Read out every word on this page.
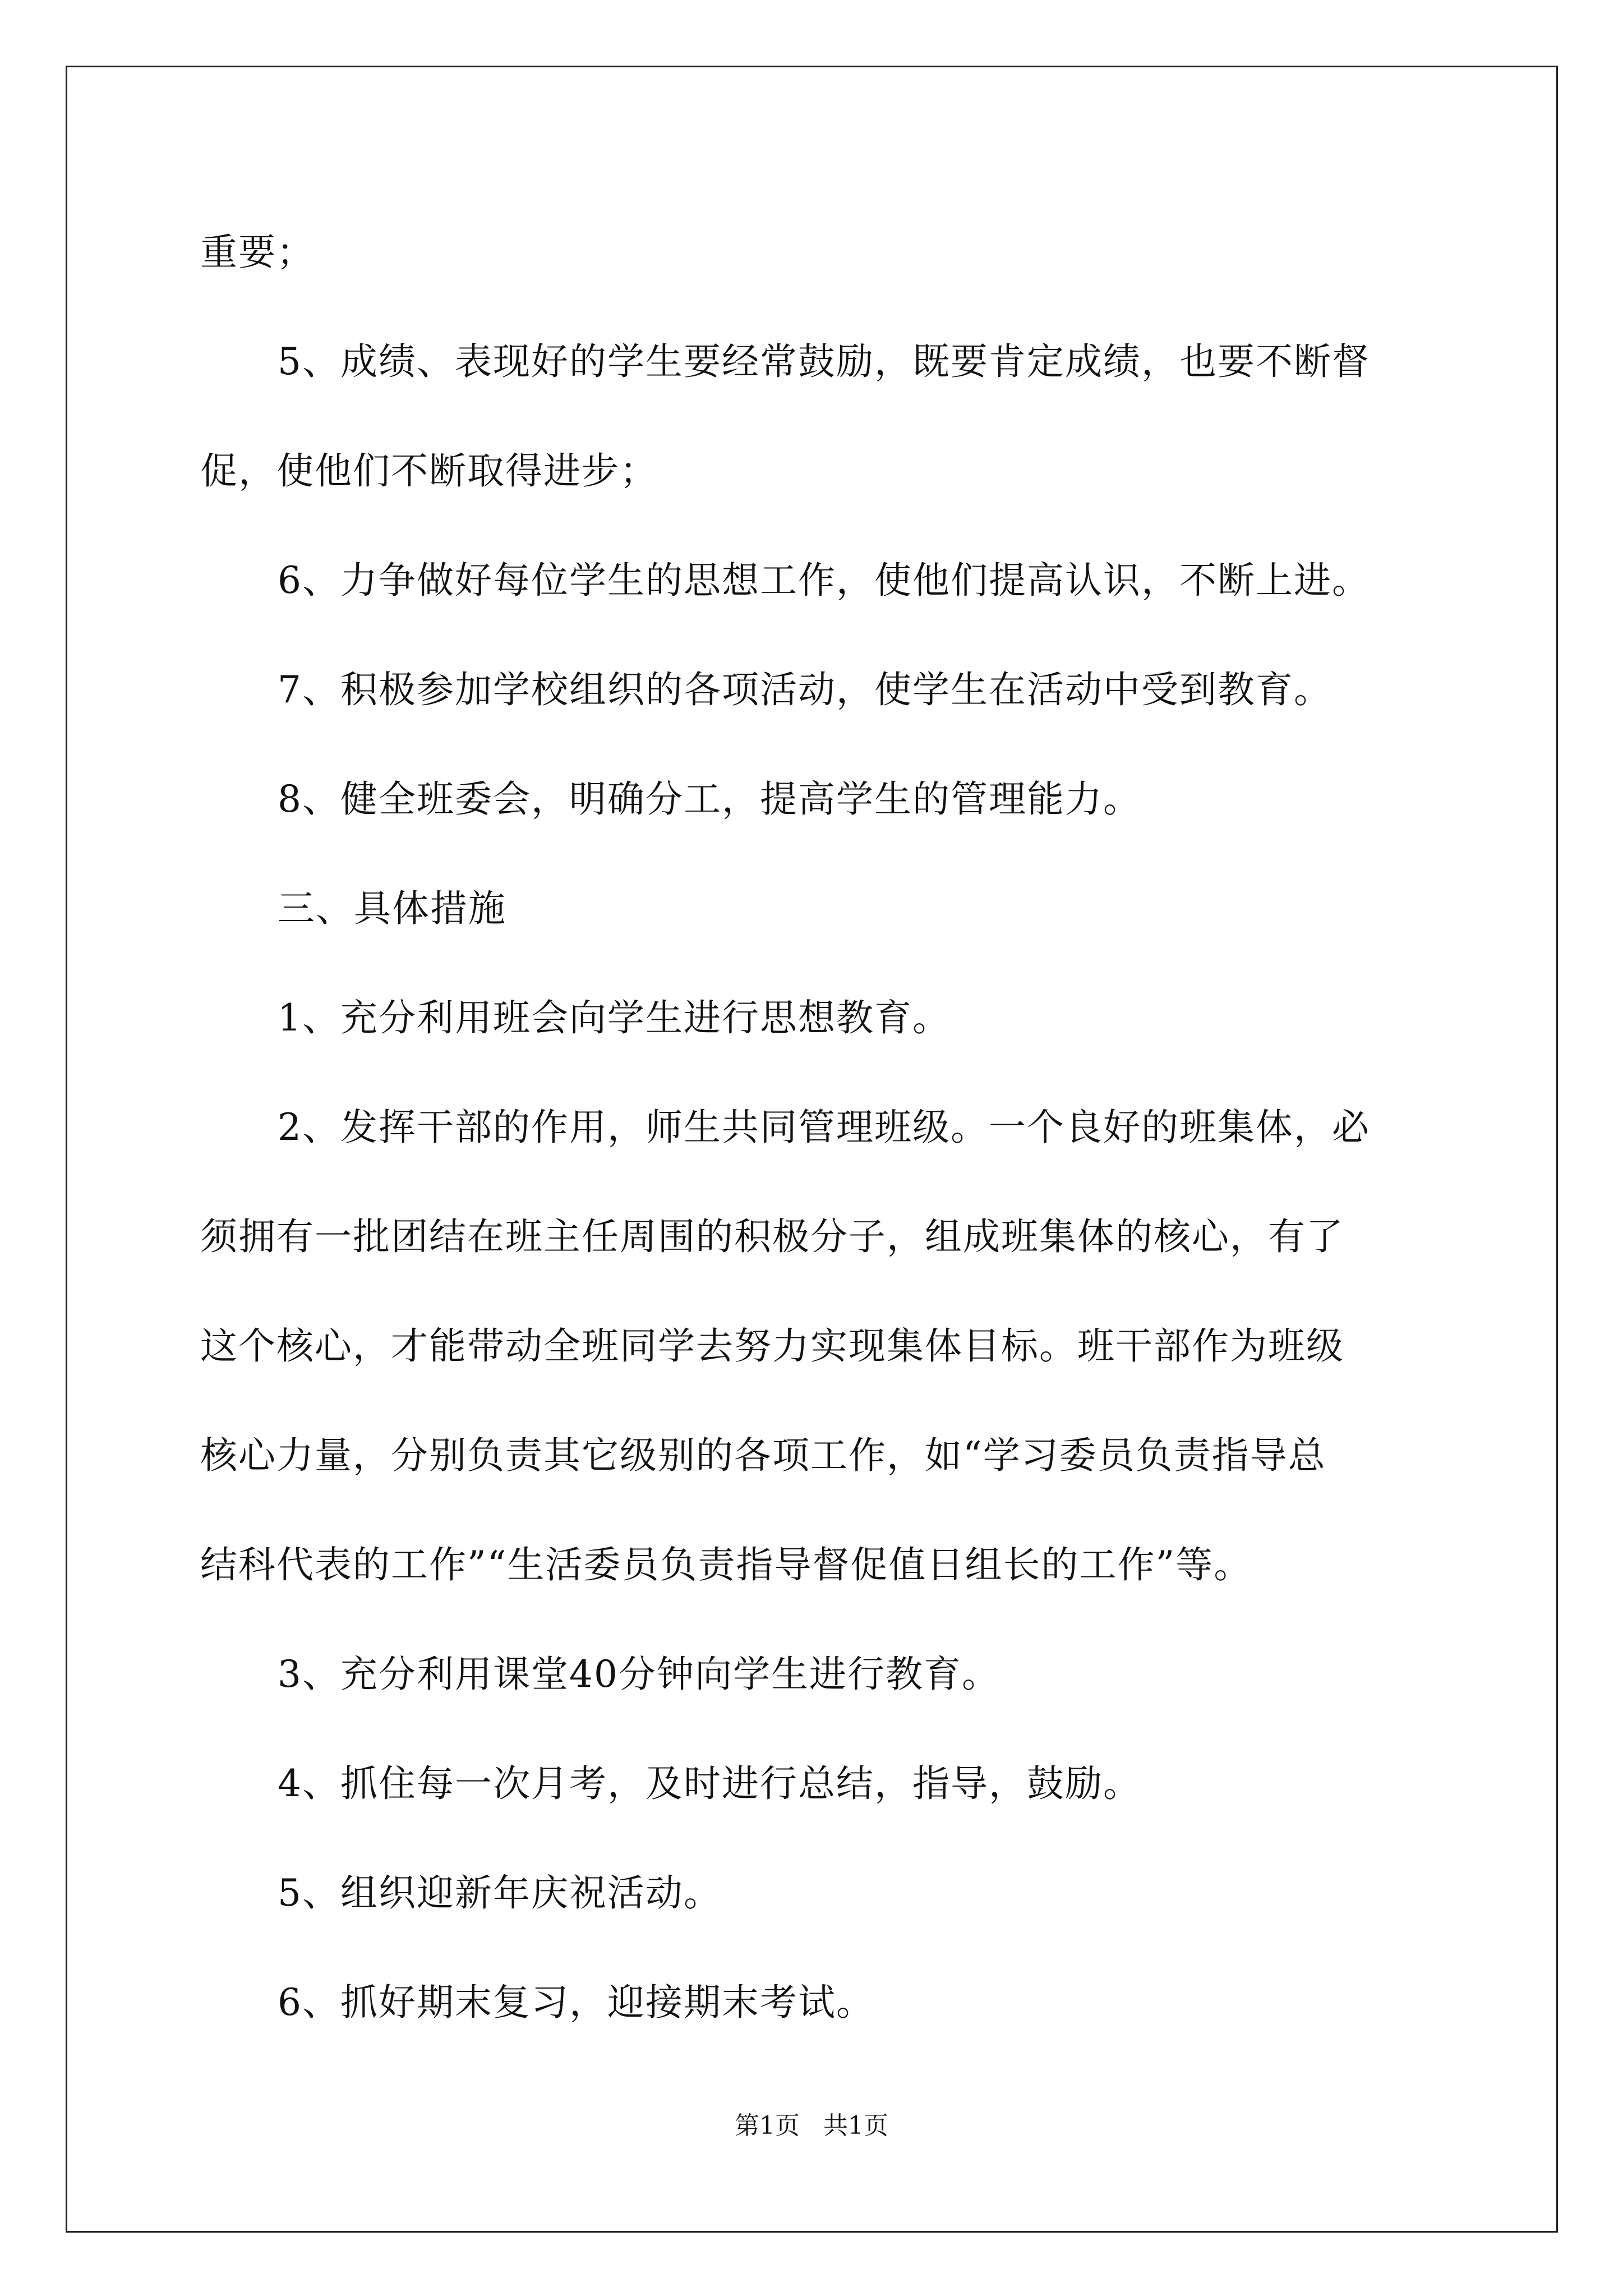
重要；
5、成绩、表现好的学生要经常鼓励，既要肯定成绩，也要不断督
促，使他们不断取得进步；
6、力争做好每位学生的思想工作，使他们提高认识，不断上进。
7、积极参加学校组织的各项活动，使学生在活动中受到教育。
8、健全班委会，明确分工，提高学生的管理能力。
三、具体措施
1、充分利用班会向学生进行思想教育。
2、发挥干部的作用，师生共同管理班级。一个良好的班集体，必
须拥有一批团结在班主任周围的积极分子，组成班集体的核心，有了
这个核心，才能带动全班同学去努力实现集体目标。班干部作为班级
核心力量，分别负责其它级别的各项工作，如“学习委员负责指导总
结科代表的工作”“生活委员负责指导督促值日组长的工作”等。
3、充分利用课堂40分钟向学生进行教育。
4、抓住每一次月考，及时进行总结，指导，鼓励。
5、组织迎新年庆祝活动。
6、抓好期末复习，迎接期末考试。
第1页   共1页
